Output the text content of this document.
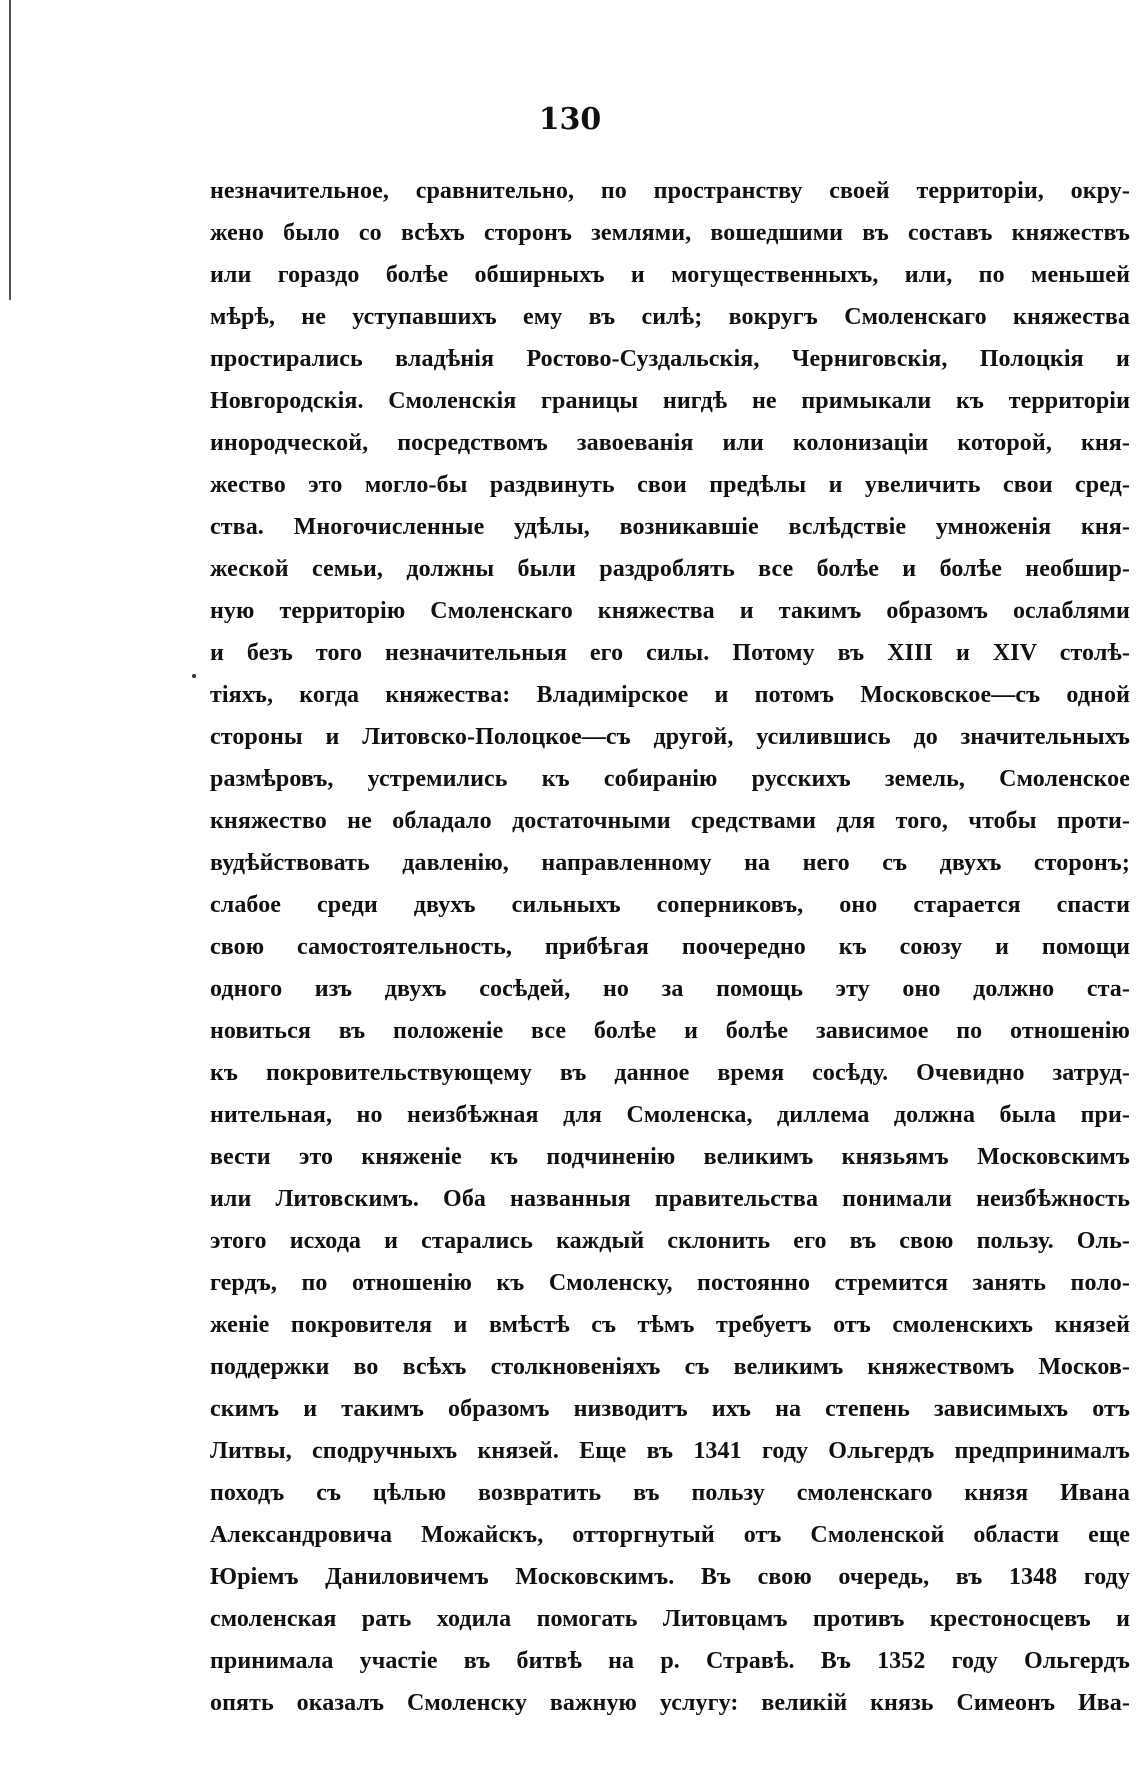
130
незначительное, сравнительно, по пространству своей территоріи, окру-
жено было со всѣхъ сторонъ землями, вошедшими въ составъ княжествъ
или гораздо болѣе обширныхъ и могущественныхъ, или, по меньшей
мѣрѣ, не уступавшихъ ему въ силѣ; вокругъ Смоленскаго княжества
простирались владѣнія Ростово-Суздальскія, Черниговскія, Полоцкія и
Новгородскія. Смоленскія границы нигдѣ не примыкали къ территоріи
инородческой, посредствомъ завоеванія или колонизаціи которой, кня-
жество это могло-бы раздвинуть свои предѣлы и увеличить свои сред-
ства. Многочисленные удѣлы, возникавшіе вслѣдствіе умноженія кня-
жеской семьи, должны были раздроблять все болѣе и болѣе необшир-
ную территорію Смоленскаго княжества и такимъ образомъ ослаблями
и безъ того незначительныя его силы. Потому въ XIII и XIV столѣ-
тіяхъ, когда княжества: Владимірское и потомъ Московское—съ одной
стороны и Литовско-Полоцкое—съ другой, усилившись до значительныхъ
размѣровъ, устремились къ собиранію русскихъ земель, Смоленское
княжество не обладало достаточными средствами для того, чтобы проти-
вудѣйствовать давленію, направленному на него съ двухъ сторонъ;
слабое среди двухъ сильныхъ соперниковъ, оно старается спасти
свою самостоятельность, прибѣгая поочередно къ союзу и помощи
одного изъ двухъ сосѣдей, но за помощь эту оно должно ста-
новиться въ положеніе все болѣе и болѣе зависимое по отношенію
къ покровительствующему въ данное время сосѣду. Очевидно затруд-
нительная, но неизбѣжная для Смоленска, диллема должна была при-
вести это княженіе къ подчиненію великимъ князьямъ Московскимъ
или Литовскимъ. Оба названныя правительства понимали неизбѣжность
этого исхода и старались каждый склонить его въ свою пользу. Оль-
гердъ, по отношенію къ Смоленску, постоянно стремится занять поло-
женіе покровителя и вмѣстѣ съ тѣмъ требуетъ отъ смоленскихъ князей
поддержки во всѣхъ столкновеніяхъ съ великимъ княжествомъ Москов-
скимъ и такимъ образомъ низводитъ ихъ на степень зависимыхъ отъ
Литвы, сподручныхъ князей. Еще въ 1341 году Ольгердъ предпринималъ
походъ съ цѣлью возвратить въ пользу смоленскаго князя Ивана
Александровича Можайскъ, отторгнутый отъ Смоленской области еще
Юріемъ Даниловичемъ Московскимъ. Въ свою очередь, въ 1348 году
смоленская рать ходила помогать Литовцамъ противъ крестоносцевъ и
принимала участіе въ битвѣ на р. Стравѣ. Въ 1352 году Ольгердъ
опять оказалъ Смоленску важную услугу: великій князь Симеонъ Ива-
